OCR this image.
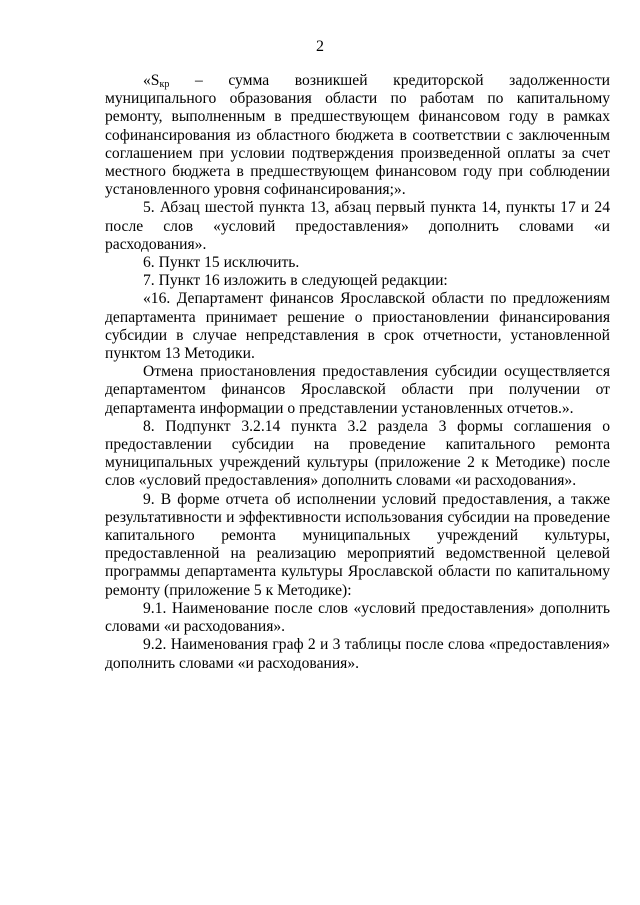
2

«$S_{кр}$ – сумма возникшей кредиторской задолженности муниципального образования области по работам по капитальному ремонту, выполненным в предшествующем финансовом году в рамках софинансирования из областного бюджета в соответствии с заключенным соглашением при условии подтверждения произведенной оплаты за счет местного бюджета в предшествующем финансовом году при соблюдении установленного уровня софинансирования;».

5. Абзац шестой пункта 13, абзац первый пункта 14, пункты 17 и 24 после слов «условий предоставления» дополнить словами «и расходования».

6. Пункт 15 исключить.

7. Пункт 16 изложить в следующей редакции:

«16. Департамент финансов Ярославской области по предложениям департамента принимает решение о приостановлении финансирования субсидии в случае непредставления в срок отчетности, установленной пунктом 13 Методики.

Отмена приостановления предоставления субсидии осуществляется департаментом финансов Ярославской области при получении от департамента информации о представлении установленных отчетов.».

8. Подпункт 3.2.14 пункта 3.2 раздела 3 формы соглашения о предоставлении субсидии на проведение капитального ремонта муниципальных учреждений культуры (приложение 2 к Методике) после слов «условий предоставления» дополнить словами «и расходования».

9. В форме отчета об исполнении условий предоставления, а также результативности и эффективности использования субсидии на проведение капитального ремонта муниципальных учреждений культуры, предоставленной на реализацию мероприятий ведомственной целевой программы департамента культуры Ярославской области по капитальному ремонту (приложение 5 к Методике):

9.1. Наименование после слов «условий предоставления» дополнить словами «и расходования».

9.2. Наименования граф 2 и 3 таблицы после слова «предоставления» дополнить словами «и расходования».
